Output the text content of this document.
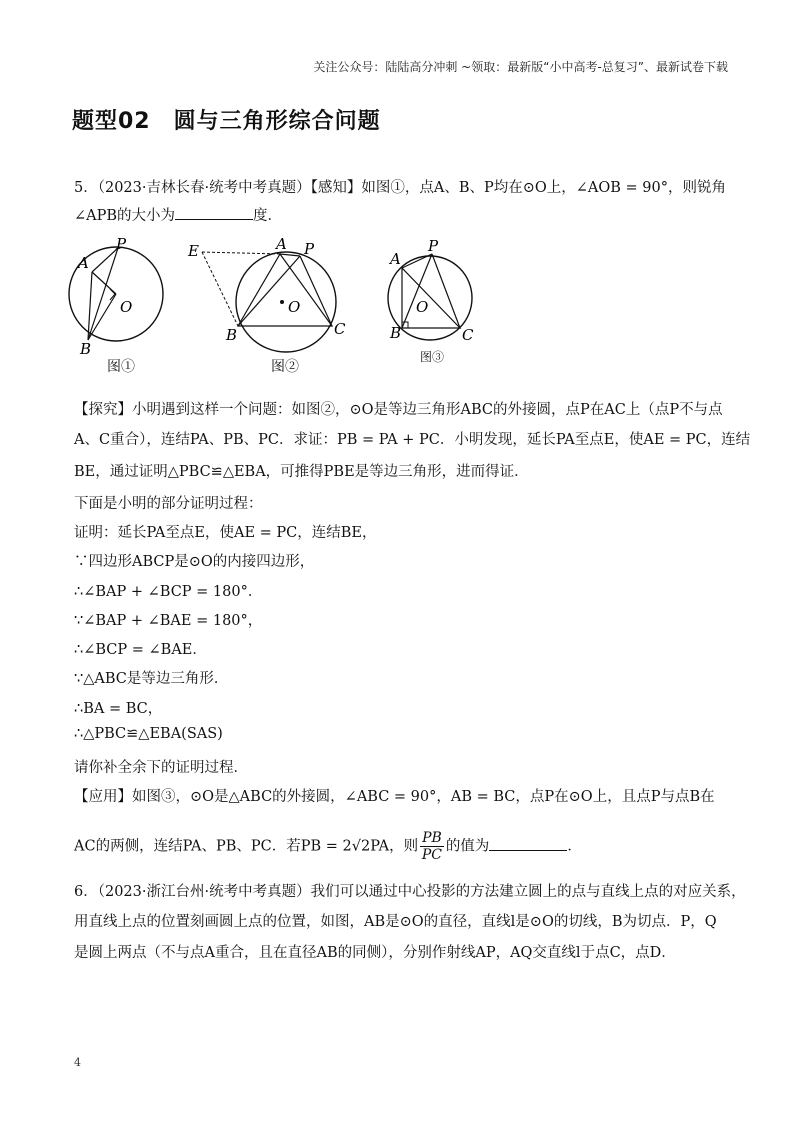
关注公众号：陆陆高分冲刺 ~领取：最新版“小中高考-总复习”、最新试卷下载
题型02　圆与三角形综合问题
5．（2023·吉林长春·统考中考真题）【感知】如图①，点A、B、P均在⊙O上，∠AOB = 90°，则锐角
∠APB的大小为	度．
P
A
O
B
E	A P
O
B	C
P
A
O
B	C
图①	图②
图③
【探究】小明遇到这样一个问题：如图②，⊙O是等边三角形ABC的外接圆，点P在AC上（点P不与点
A、C重合），连结PA、PB、PC．求证：PB = PA + PC．小明发现，延长PA至点E，使AE = PC，连结
BE，通过证明△PBC≌△EBA，可推得PBE是等边三角形，进而得证．
下面是小明的部分证明过程：
证明：延长PA至点E，使AE = PC，连结BE，
∵四边形ABCP是⊙O的内接四边形，
∴∠BAP + ∠BCP = 180°．
∵∠BAP + ∠BAE = 180°，
∴∠BCP = ∠BAE．
∵△ABC是等边三角形．
∴BA = BC，
∴△PBC≌△EBA(SAS)
请你补全余下的证明过程．
【应用】如图③，⊙O是△ABC的外接圆，∠ABC = 90°，AB = BC，点P在⊙O上，且点P与点B在
AC的两侧，连结PA、PB、PC．若PB = 2√2PA，则 $\frac{PB}{PC}$ 的值为	．
6．（2023·浙江台州·统考中考真题）我们可以通过中心投影的方法建立圆上的点与直线上点的对应关系，
用直线上点的位置刻画圆上点的位置，如图，AB是⊙O的直径，直线l是⊙O的切线，B为切点．P，Q
是圆上两点（不与点A重合，且在直径AB的同侧），分别作射线AP，AQ交直线l于点C，点D．
4
